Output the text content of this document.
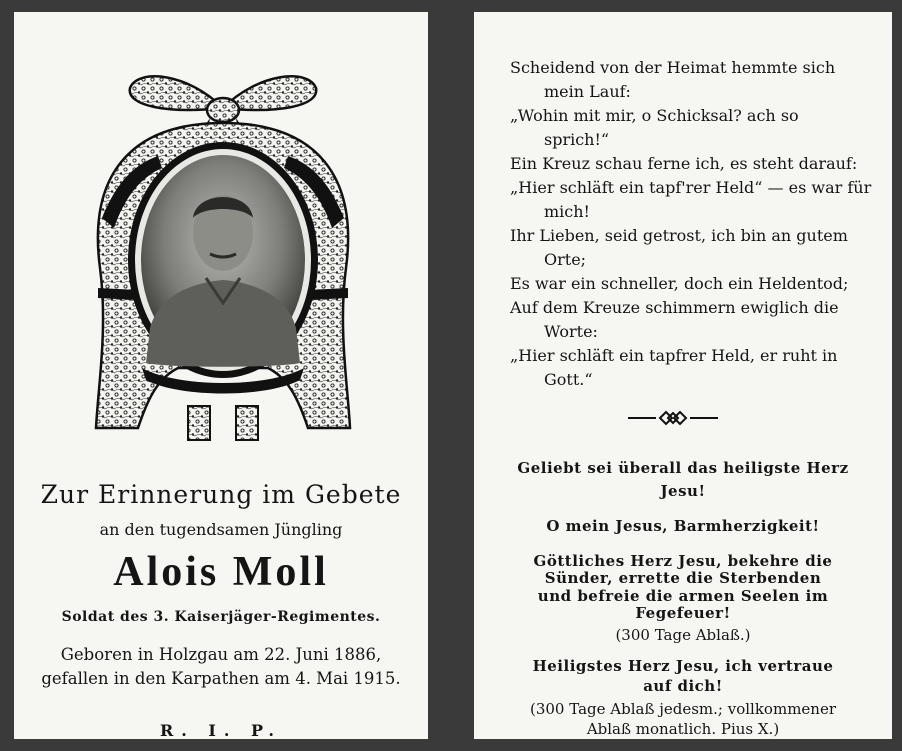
Zur Erinnerung im Gebete
an den tugendsamen Jüngling
Alois Moll
Soldat des 3. Kaiserjäger-Regimentes.
Geboren in Holzgau am 22. Juni 1886,
gefallen in den Karpathen am 4. Mai 1915.
R. I. P.
Scheidend von der Heimat hemmte sich
mein Lauf:
„Wohin mit mir, o Schicksal? ach so
sprich!“
Ein Kreuz schau ferne ich, es steht darauf:
„Hier schläft ein tapf'rer Held“ — es war für
mich!
Ihr Lieben, seid getrost, ich bin an gutem
Orte;
Es war ein schneller, doch ein Heldentod;
Auf dem Kreuze schimmern ewiglich die
Worte:
„Hier schläft ein tapfrer Held, er ruht in
Gott.“
Geliebt sei überall das heiligste Herz
Jesu!
O mein Jesus, Barmherzigkeit!
Göttliches Herz Jesu, bekehre die
Sünder, errette die Sterbenden
und befreie die armen Seelen im
Fegefeuer!
(300 Tage Ablaß.)
Heiligstes Herz Jesu, ich vertraue
auf dich!
(300 Tage Ablaß jedesm.; vollkommener
Ablaß monatlich. Pius X.)
